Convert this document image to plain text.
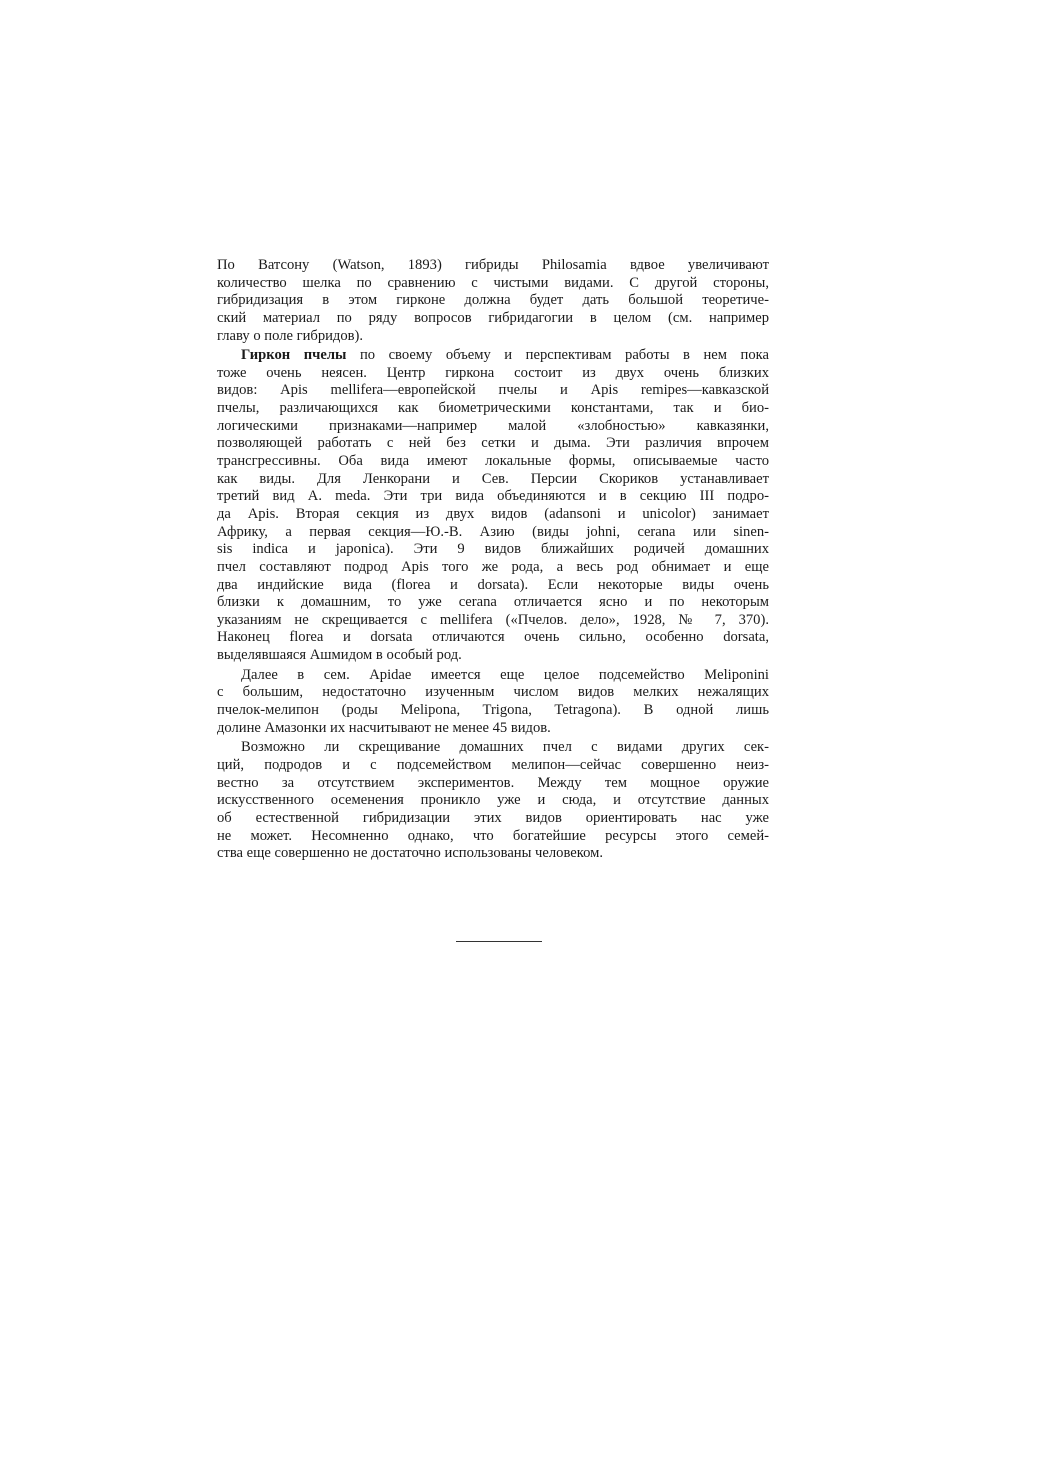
По Ватсону (Watson, 1893) гибриды Philosamia вдвое увеличивают
количество шелка по сравнению с чистыми видами. С другой стороны,
гибридизация в этом гирконе должна будет дать большой теоретиче-
ский материал по ряду вопросов гибридагогии в целом (см. например
главу о поле гибридов).
Гиркон пчелы по своему объему и перспективам работы в нем пока
тоже очень неясен. Центр гиркона состоит из двух очень близких
видов: Apis mellifera—европейской пчелы и Apis remipes—кавказской
пчелы, различающихся как биометрическими константами, так и био-
логическими признаками—например малой «злобностью» кавказянки,
позволяющей работать с ней без сетки и дыма. Эти различия впрочем
трансгрессивны. Оба вида имеют локальные формы, описываемые часто
как виды. Для Ленкорани и Сев. Персии Скориков устанавливает
третий вид A. meda. Эти три вида объединяются и в секцию III подро-
да Apis. Вторая секция из двух видов (adansoni и unicolor) занимает
Африку, а первая секция—Ю.-В. Азию (виды johni, cerana или sinen-
sis indica и japonica). Эти 9 видов ближайших родичей домашних
пчел составляют подрод Apis того же рода, а весь род обнимает и еще
два индийские вида (florea и dorsata). Если некоторые виды очень
близки к домашним, то уже cerana отличается ясно и по некоторым
указаниям не скрещивается с mellifera («Пчелов. дело», 1928, № 7, 370).
Наконец florea и dorsata отличаются очень сильно, особенно dorsata,
выделявшаяся Ашмидом в особый род.
Далее в сем. Apidae имеется еще целое подсемейство Meliponini
с большим, недостаточно изученным числом видов мелких нежалящих
пчелок-мелипон (роды Melipona, Trigona, Tetragona). В одной лишь
долине Амазонки их насчитывают не менее 45 видов.
Возможно ли скрещивание домашних пчел с видами других сек-
ций, подродов и с подсемейством мелипон—сейчас совершенно неиз-
вестно за отсутствием экспериментов. Между тем мощное оружие
искусственного осеменения проникло уже и сюда, и отсутствие данных
об естественной гибридизации этих видов ориентировать нас уже
не может. Несомненно однако, что богатейшие ресурсы этого семей-
ства еще совершенно не достаточно использованы человеком.
